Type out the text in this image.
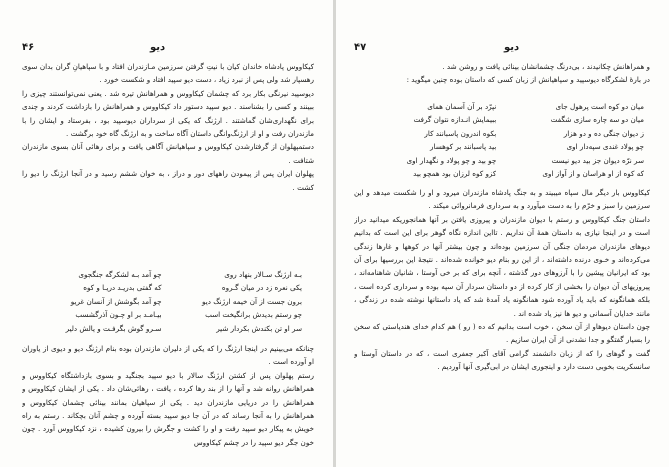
۴۶	دیو

کیکاووس پادشاه خاندان کیان با نیتِ گرفتن سرزمین مـازندران افتاد و با سپاهیانِ گران بدان سوی رهسپار شد ولی پس از نبرد زیاد ، دست دیو سپید افتاد و شکست خورد .

دیوسپید نیرنگی بکار برد که چشمان کیکاووس و همراهانش تیره شد . یعنی نمی‌توانستند چیزی را ببینند و کسی را بشناسند . دیو سپید دستور داد کیکاووس و همراهانش را بازداشت کردند و چندی برای نگهداری‌شان گماشتند . ارژنگ که یکی از سرداران دیوسپید بود ، بفرستاد و ایشان را با مازندران رفت و او از ارژنگ‌وانگی داستان آگاه ساخت و به ارژنگ گاه خود برگشت .

دستمپهلوان از گرفتارشدن کیکاووس و سپاهیانش آگاهی یافت و برای رهائی آنان بسوی مازندران شتافت .

پهلوان ایران پس از پیمودن راههای دور و دراز ، به خوان ششم رسید و در آنجا ارژنگ را دیو را کشت .

بـه ارژنگ سـالار بنهاد روی
چو آمد بـه لشکرگه جنگجوی
یکی نعره زد در میان گـروه
که گفتی بدریـد دریـا و کوه
برون جست از آن خیمه ارژنگ دیو
چو آمد بگوشش از آنسان غریو
چو رستم بدیدش برانگیخت اسب
بیـامـد بر او چـون آذرگشسب
سر او تن بکندش بکردار شیر
سـرو گوش بگرفـت و یالش دلیر

چنانکه می‌بینیم در اینجا ارژنگ را که یکی از دلیران مازندران بوده بنام ارژنگ دیو و دیوی از یاوران او آورده است .

رستم پهلوان پس از کشتن ارژنگ سالار با دیو سپید بجنگید و بسوی بازداشتگاه کیکاووس و همراهانش روانه شد و آنها را از بند رها کرده ، یافت ، رهائی‌شان داد . یکی از ایشان کیکاووس و همراهانش را در دریایی مازندران دید . یکی از سپاهیان بمانند بینائی چشمان کیکاووس و همراهانش را به آنجا رساند که در آن جا دیو سپید بسته آورده و چشم آنان بچکاند . رستم به راه خویش به پیکار دیو سپید رفت و او را کشت و جگرش را بیرون کشیده ، نزد کیکاووس آورد . چون خون جگر دیو سپید را در چشم کیکاووس

۴۷	دیو

و همراهانش چکانیدند ، بی‌درنگ چشمانشان بینائی یافت و روشن شد .

در بارهٔ لشکرگاه دیوسپید و سپاهیانش از زبان کسی که داستان بوده چنین میگوید :

میان دو کوه است پرهول جای
نپرّد بر آن آسمان همای
میان دو سه چاره سازی شگفت
ببیمایش انـدازه نتوان گرفت
ز دیوان جنگی ده و دو هزار
بکوه اندرون پاسبانند کار
چو پولاد غندی سپه‌دار اوی
بید پاسبانند بر کوهسار
سر نرّه دیوان جز بید دیو نیست
چو بید و چو پولاد و نگهدار اوی
که کوه از او هراسان و از آواز اوی
کزو کوه لرزان بود همچو بید

کیکاووس بار دیگر مال سپاه میبیند و به جنگ پادشاه مازندران میرود و او را شکست میدهد و این سرزمین را سبز و خرّم را به دست میآورد و به سرداری فرمانروائی میکند .

داستان جنگ کیکاووس و رستم با دیوان مازندران و پیروزی یافتن بر آنها همانجوریکه میدانید دراز است و در اینجا نیازی به داستان همهٔ آن نداریم . تااین اندازه نگاه گوهر برای این است که بدانیم دیوهای مازندران مردمان جنگی آن سرزمین بوده‌اند و چون بیشتر آنها در کوهها و غارها زندگی می‌کرده‌اند و خـوی درنده داشته‌اند ، از این رو بنام دیو خوانده شده‌اند . نتیجهٔ این بررسیها برای آن بود که ایرانیان پیشین را با آرزوهای دور گذشته ، آنچه برای که بر خی آوستا ، شانیان شاهنامه‌اند ، پیروزیهای آن دیوان را بخشی از کار کرده از دو داستان سردار آن سپه بوده و سرداری کرده است ، بلکه همانگونه که باید یاد آورده شود همانگونه یاد آمدهٔ شد که یاد داستانها نوشته شده در زندگی ، مانند خدایان آسمانی و دیو ها نیز یاد شده اند .

چون داستان دیوهاو از آن سخن ، خوب است بدانیم که ده ( رو ) هم کدام خدای هندیاستی که سخن را بسیار گفتگو و جدا نشدنی از آن ایران سازیم .

گفت و گوهای را که از زبان دانشمند گرامی آقای آکبر جعفری است ، که در داستان آوستا و سانسکریت بخوبی دست دارد و اینجوری ایشان در ابی‌گیری آنها آوردیم .
